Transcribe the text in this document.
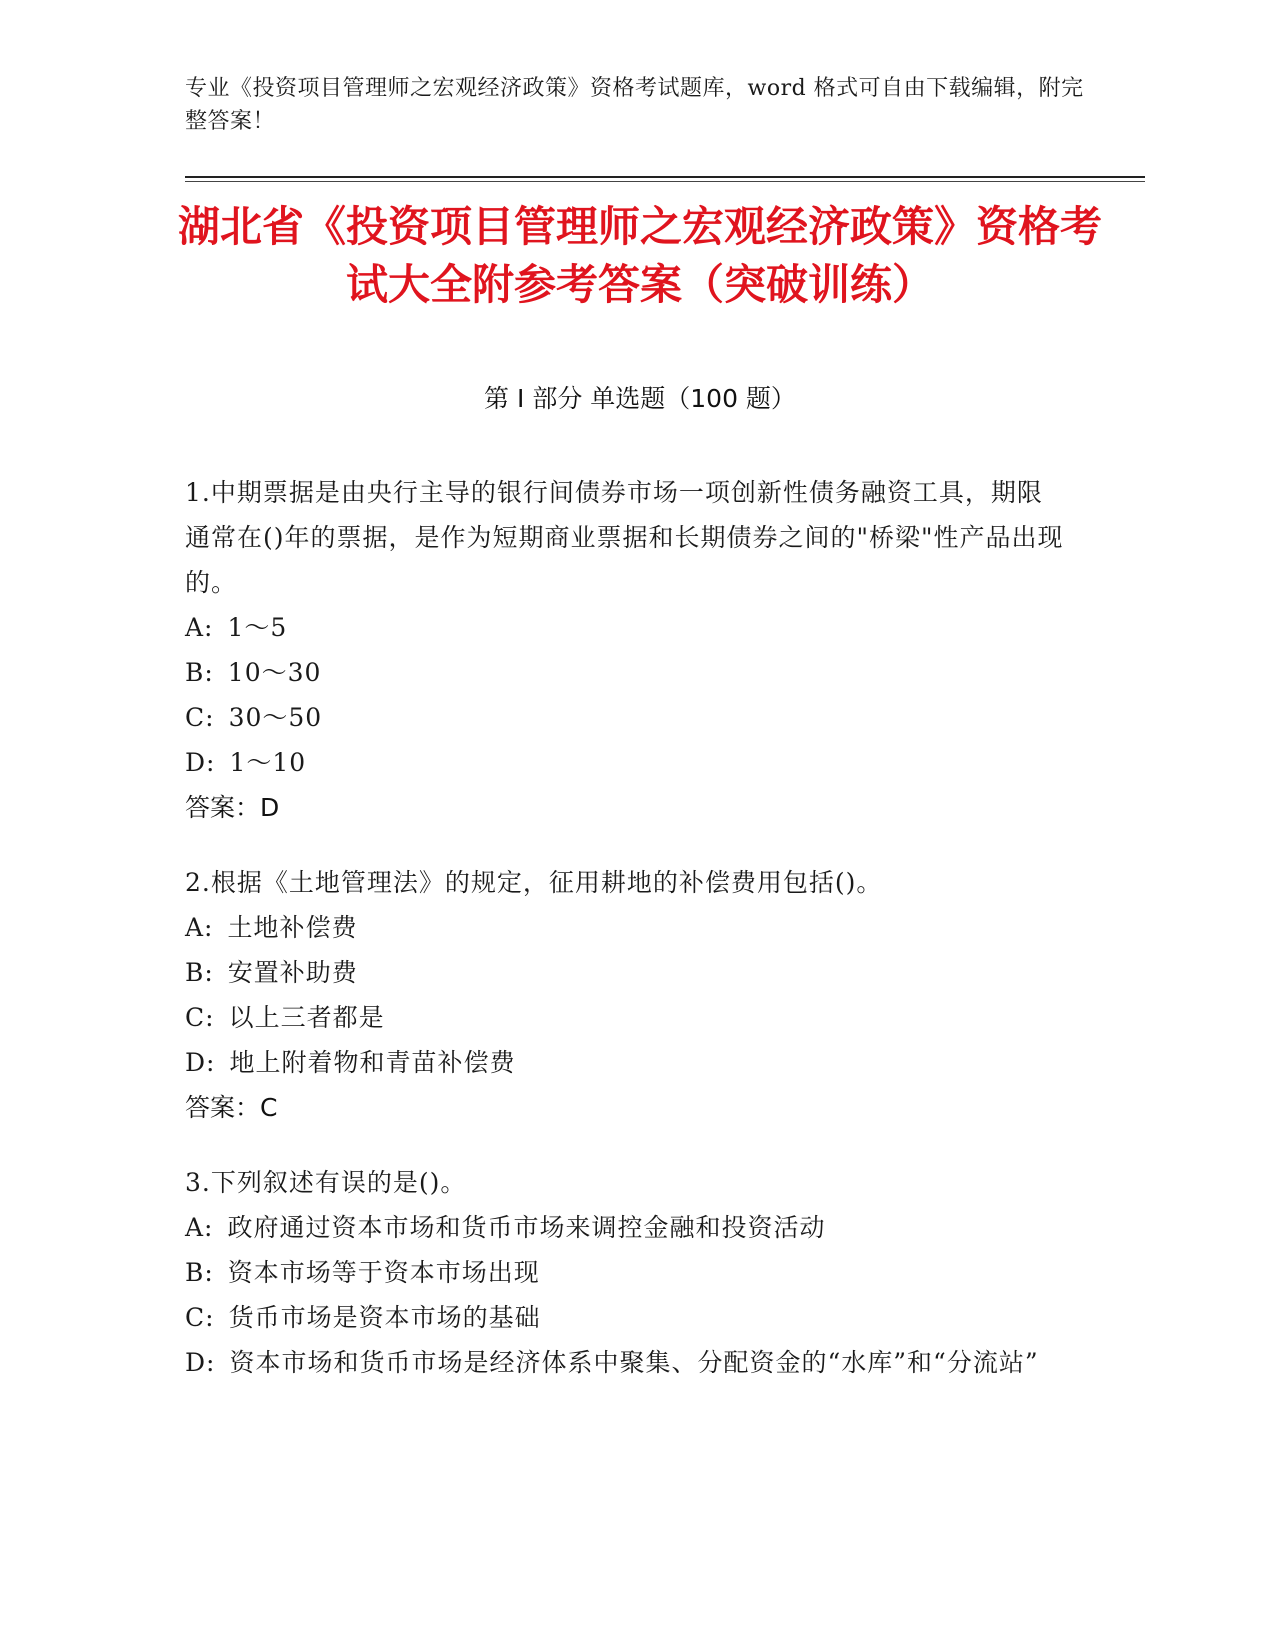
专业《投资项目管理师之宏观经济政策》资格考试题库，word 格式可自由下载编辑，附完整答案！
湖北省《投资项目管理师之宏观经济政策》资格考试大全附参考答案（突破训练）
第 I 部分 单选题（100 题）
1.中期票据是由央行主导的银行间债券市场一项创新性债务融资工具，期限通常在()年的票据，是作为短期商业票据和长期债券之间的"桥梁"性产品出现的。
A: 1～5
B: 10～30
C: 30～50
D: 1～10
答案：D
2.根据《土地管理法》的规定，征用耕地的补偿费用包括()。
A: 土地补偿费
B: 安置补助费
C: 以上三者都是
D: 地上附着物和青苗补偿费
答案：C
3.下列叙述有误的是()。
A: 政府通过资本市场和货币市场来调控金融和投资活动
B: 资本市场等于资本市场出现
C: 货币市场是资本市场的基础
D: 资本市场和货币市场是经济体系中聚集、分配资金的“水库”和“分流站”
